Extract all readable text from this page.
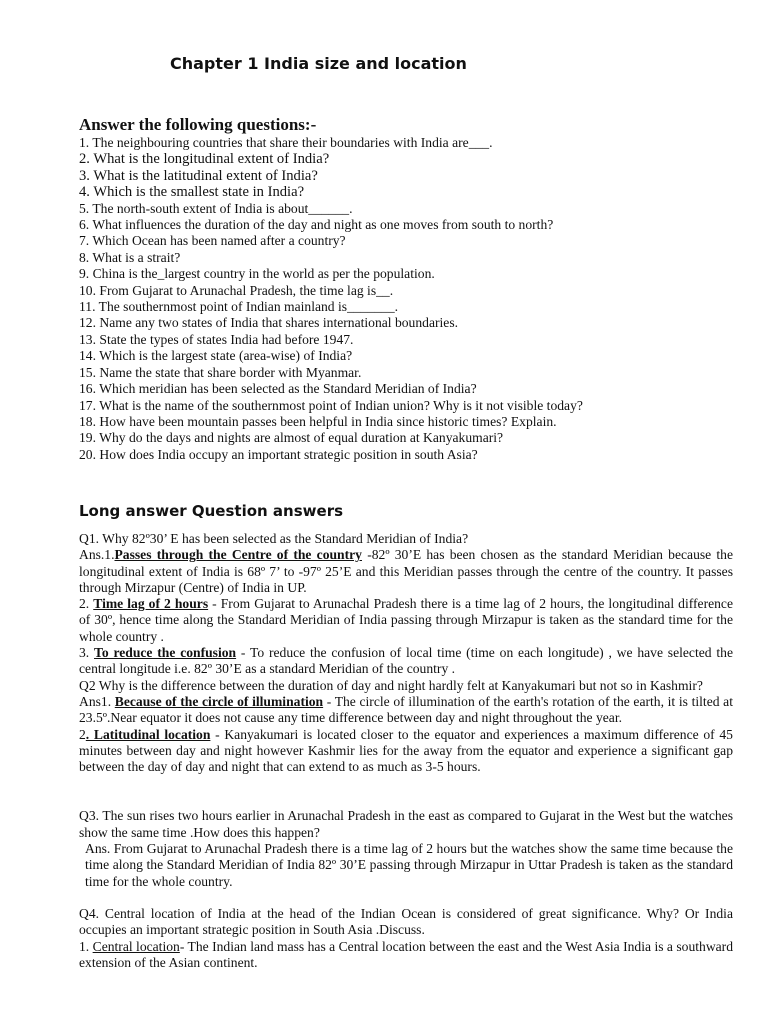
Chapter 1 India size and location
Answer the following questions:-
1. The neighbouring countries that share their boundaries with India are___.
2. What is the longitudinal extent of India?
3. What is the latitudinal extent of India?
4. Which is the smallest state in India?
5. The north-south extent of India is about______.
6. What influences the duration of the day and night as one moves from south to north?
7. Which Ocean has been named after a country?
8. What is a strait?
9. China is the_largest country in the world as per the population.
10. From Gujarat to Arunachal Pradesh, the time lag is__.
11. The southernmost point of Indian mainland is_______.
12. Name any two states of India that shares international boundaries.
13. State the types of states India had before 1947.
14. Which is the largest state (area-wise) of India?
15. Name the state that share border with Myanmar.
16. Which meridian has been selected as the Standard Meridian of India?
17. What is the name of the southernmost point of Indian union? Why is it not visible today?
18. How have been mountain passes been helpful in India since historic times? Explain.
19. Why do the days and nights are almost of equal duration at Kanyakumari?
20. How does India occupy an important strategic position in south Asia?
Long answer Question answers

Q1. Why 82º30’ E has been selected as the Standard Meridian of India?

Ans.1.Passes through the Centre of the country -82º 30’E has been chosen as the standard Meridian because the longitudinal extent of India is 68º 7’ to -97º 25’E and this Meridian passes through the centre of the country. It passes through Mirzapur (Centre) of India in UP.

2. Time lag of 2 hours - From Gujarat to Arunachal Pradesh there is a time lag of 2 hours, the longitudinal difference of 30º, hence time along the Standard Meridian of India passing through Mirzapur is taken as the standard time for the whole country .

3. To reduce the confusion - To reduce the confusion of local time (time on each longitude) , we have selected the central longitude i.e. 82º 30’E as a standard Meridian of the country .

Q2 Why is the difference between the duration of day and night hardly felt at Kanyakumari but not so in Kashmir?

Ans1. Because of the circle of illumination - The circle of illumination of the earth's rotation of the earth, it is tilted at 23.5º.Near equator it does not cause any time difference between day and night throughout the year.

2. Latitudinal location - Kanyakumari is located closer to the equator and experiences a maximum difference of 45 minutes between day and night however Kashmir lies for the away from the equator and experience a significant gap between the day of day and night that can extend to as much as 3-5 hours.

Q3. The sun rises two hours earlier in Arunachal Pradesh in the east as compared to Gujarat in the West but the watches show the same time .How does this happen?

Ans. From Gujarat to Arunachal Pradesh there is a time lag of 2 hours but the watches show the same time because the time along the Standard Meridian of India 82º 30’E passing through Mirzapur in Uttar Pradesh is taken as the standard time for the whole country.

Q4. Central location of India at the head of the Indian Ocean is considered of great significance. Why? Or India occupies an important strategic position in South Asia .Discuss.

1. Central location- The Indian land mass has a Central location between the east and the West Asia India is a southward extension of the Asian continent.
